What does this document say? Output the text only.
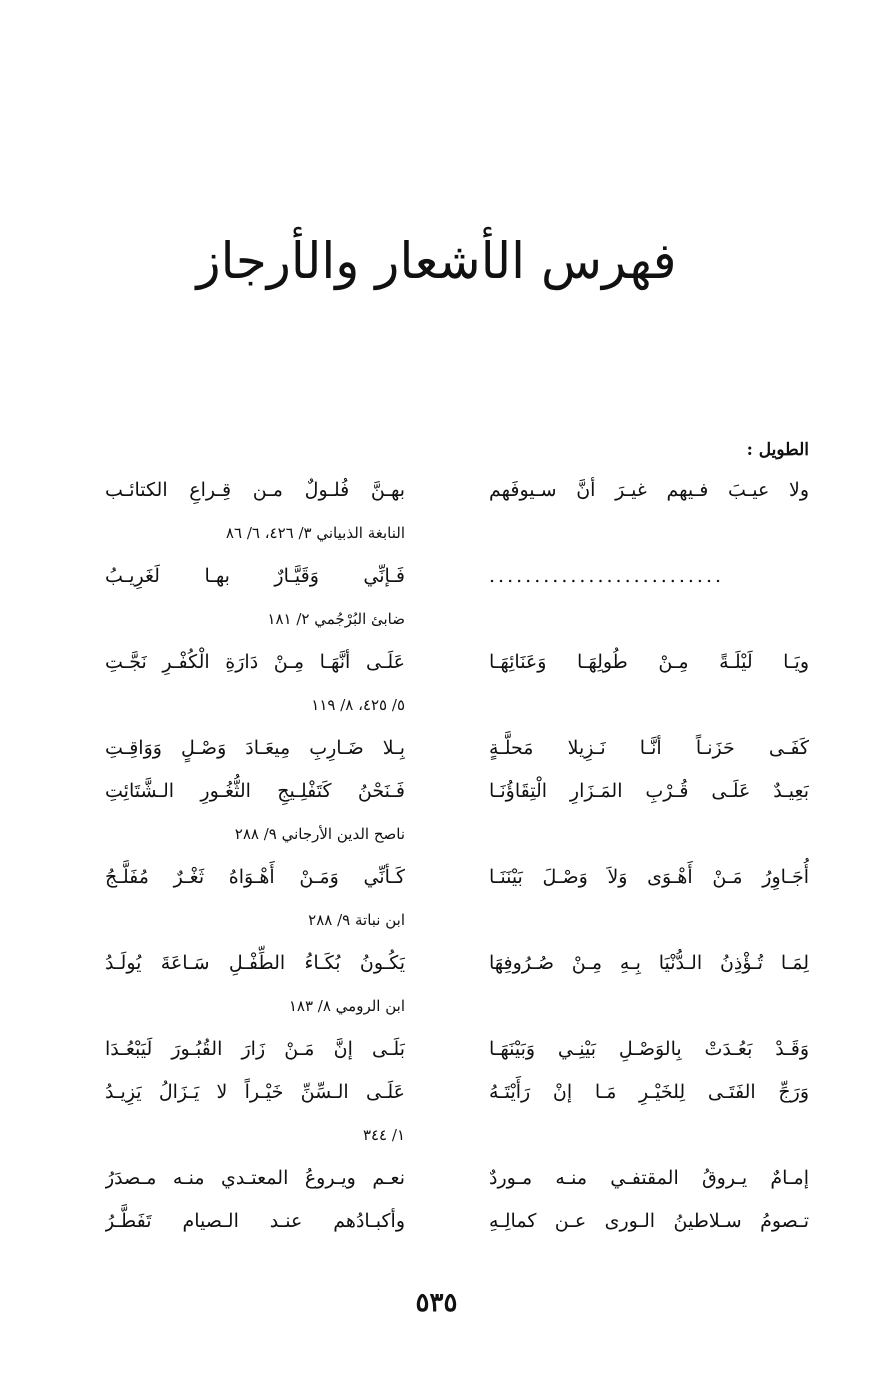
فهرس الأشعار والأرجاز
الطويل :
ولا عيـبَ فـيهم غيـرَ أنَّ سـيوفَهم
بهـنَّ فُلـولٌ مـن قِـراعِ الكتائـب
النابغة الذبياني ٣/ ٤٢٦، ٦/ ٨٦
..........................
فَـإنِّي وَقَيَّـارٌ بهـا لَغَرِيـبُ
ضابئ البُرْجُمي ٢/ ١٨١
ويَـا لَيْلَـةً مِـنْ طُولِهَـا وَعَنَائِهَـا
عَلَـى أنَّهَـا مِـنْ دَارَةِ الْكُفْـرِ نَجَّـتِ
٥/ ٤٢٥، ٨/ ١١٩
كَفَـى حَزَنـاً أنَّـا نَـزِيلا مَحلَّـةٍ
بِـلا ضَـارِبِ مِيعَـادَ وَصْـلٍ وَوَاقِـتِ
بَعِيـدٌ عَلَـى قُـرْبِ المَـزَارِ الْتِقَاؤُنَـا
فَـنَحْنُ كَتَفْلِـيجِ الثُّغُـورِ الـشَّتَائِتِ
ناصح الدين الأرجاني ٩/ ٢٨٨
أُجَـاوِرُ مَـنْ أَهْـوَى وَلاَ وَصْـلَ بَيْنَنَـا
كَـأنِّي وَمَـنْ أَهْـوَاهُ ثَغْـرٌ مُفَلَّـجُ
ابن نباتة ٩/ ٢٨٨
لِمَـا تُـؤْذِنُ الـدُّنْيَا بِـهِ مِـنْ صُـرُوفِهَا
يَكُـونُ بُكَـاءُ الطِّفْـلِ سَـاعَةَ يُولَـدُ
ابن الرومي ٨/ ١٨٣
وَقَـدْ بَعُـدَتْ بِالوَصْـلِ بَيْنِـي وَبَيْنَهَـا
بَلَـى إنَّ مَـنْ زَارَ القُبُـورَ لَيَبْعُـدَا
وَرَجِّ الفَتَـى لِلخَيْـرِ مَـا إنْ رَأَيْتَـهُ
عَلَـى الـسِّنِّ خَيْـراً لا يَـزَالُ يَزِيـدُ
١/ ٣٤٤
إمـامٌ يـروقُ المقتفـي منـه مـوردٌ
نعـم ويـروعُ المعتـدي منـه مـصدَرُ
تـصومُ سـلاطينُ الـورى عـن كمالِـهِ
وأكبـادُهم عنـد الـصيام تَفَطَّـرُ
٥٣٥
